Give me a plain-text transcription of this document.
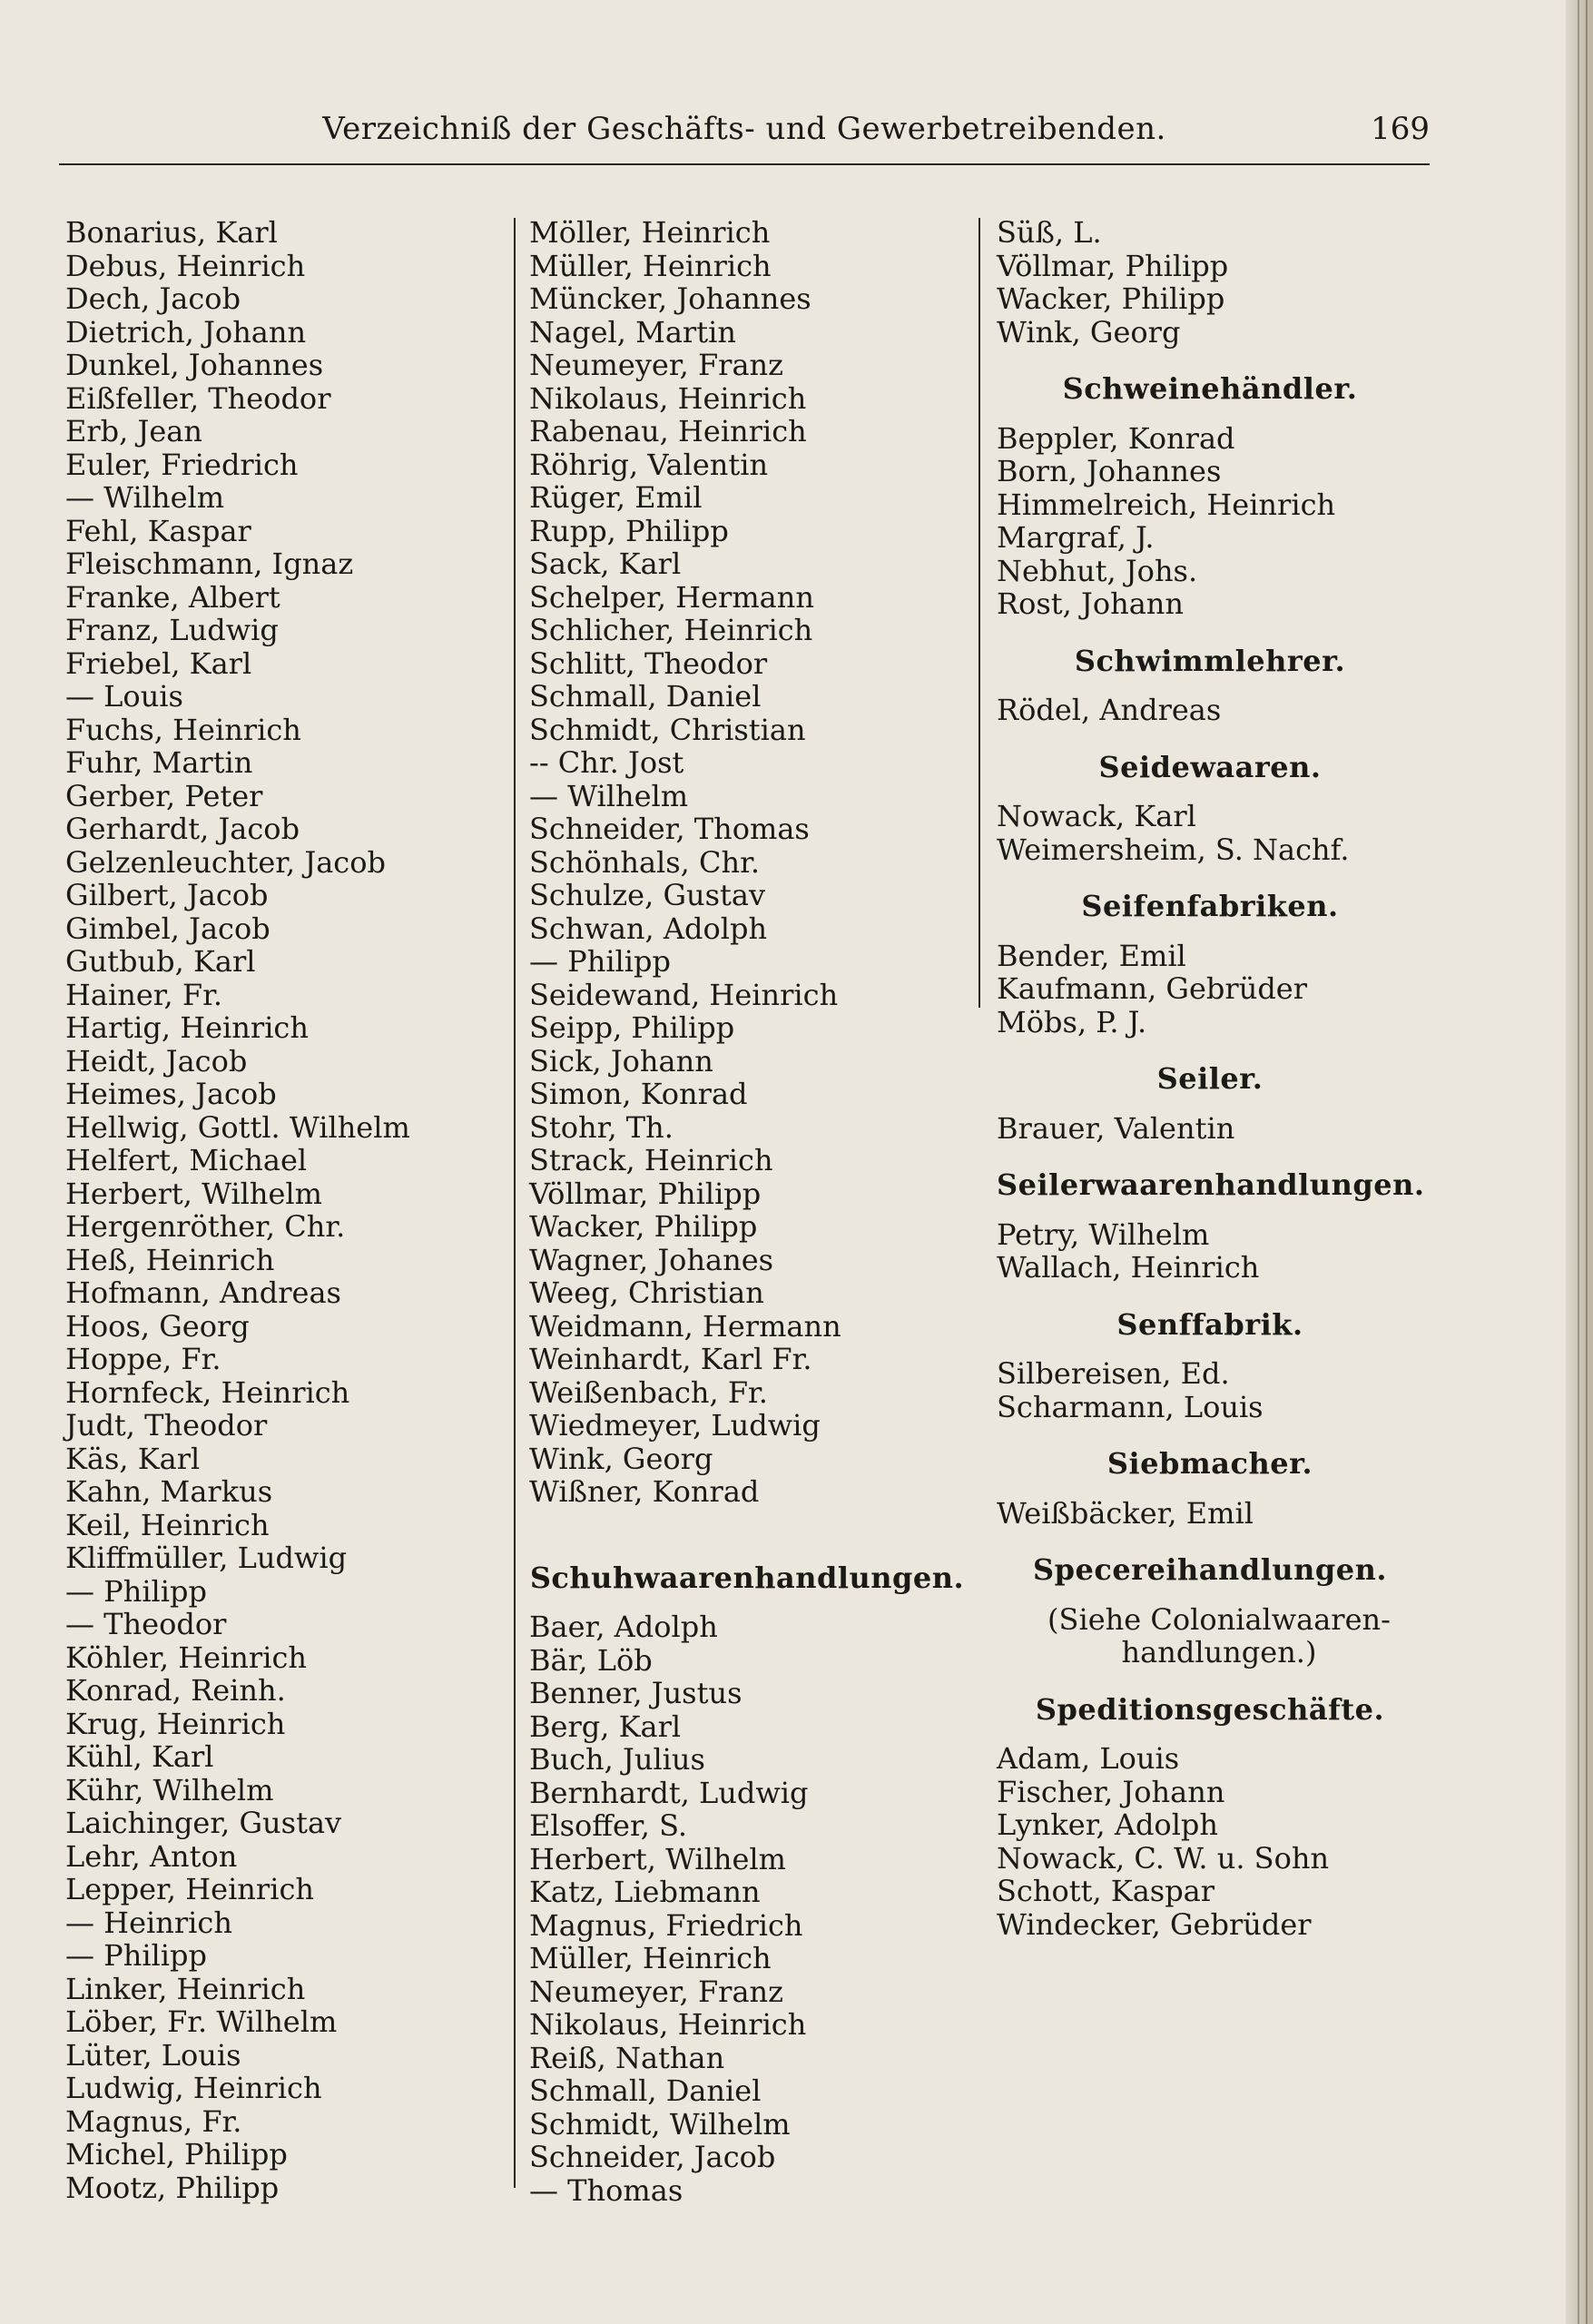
Verzeichniß der Geschäfts- und Gewerbetreibenden.	169
Bonarius, Karl
Debus, Heinrich
Dech, Jacob
Dietrich, Johann
Dunkel, Johannes
Eißfeller, Theodor
Erb, Jean
Euler, Friedrich
— Wilhelm
Fehl, Kaspar
Fleischmann, Ignaz
Franke, Albert
Franz, Ludwig
Friebel, Karl
— Louis
Fuchs, Heinrich
Fuhr, Martin
Gerber, Peter
Gerhardt, Jacob
Gelzenleuchter, Jacob
Gilbert, Jacob
Gimbel, Jacob
Gutbub, Karl
Hainer, Fr.
Hartig, Heinrich
Heidt, Jacob
Heimes, Jacob
Hellwig, Gottl. Wilhelm
Helfert, Michael
Herbert, Wilhelm
Hergenröther, Chr.
Heß, Heinrich
Hofmann, Andreas
Hoos, Georg
Hoppe, Fr.
Hornfeck, Heinrich
Judt, Theodor
Käs, Karl
Kahn, Markus
Keil, Heinrich
Kliffmüller, Ludwig
— Philipp
— Theodor
Köhler, Heinrich
Konrad, Reinh.
Krug, Heinrich
Kühl, Karl
Kühr, Wilhelm
Laichinger, Gustav
Lehr, Anton
Lepper, Heinrich
— Heinrich
— Philipp
Linker, Heinrich
Löber, Fr. Wilhelm
Lüter, Louis
Ludwig, Heinrich
Magnus, Fr.
Michel, Philipp
Mootz, Philipp
Möller, Heinrich
Müller, Heinrich
Müncker, Johannes
Nagel, Martin
Neumeyer, Franz
Nikolaus, Heinrich
Rabenau, Heinrich
Röhrig, Valentin
Rüger, Emil
Rupp, Philipp
Sack, Karl
Schelper, Hermann
Schlicher, Heinrich
Schlitt, Theodor
Schmall, Daniel
Schmidt, Christian
-- Chr. Jost
— Wilhelm
Schneider, Thomas
Schönhals, Chr.
Schulze, Gustav
Schwan, Adolph
— Philipp
Seidewand, Heinrich
Seipp, Philipp
Sick, Johann
Simon, Konrad
Stohr, Th.
Strack, Heinrich
Völlmar, Philipp
Wacker, Philipp
Wagner, Johanes
Weeg, Christian
Weidmann, Hermann
Weinhardt, Karl Fr.
Weißenbach, Fr.
Wiedmeyer, Ludwig
Wink, Georg
Wißner, Konrad
Schuhwaarenhandlungen.
Baer, Adolph
Bär, Löb
Benner, Justus
Berg, Karl
Buch, Julius
Bernhardt, Ludwig
Elsoffer, S.
Herbert, Wilhelm
Katz, Liebmann
Magnus, Friedrich
Müller, Heinrich
Neumeyer, Franz
Nikolaus, Heinrich
Reiß, Nathan
Schmall, Daniel
Schmidt, Wilhelm
Schneider, Jacob
— Thomas
Süß, L.
Völlmar, Philipp
Wacker, Philipp
Wink, Georg
Schweinehändler.
Beppler, Konrad
Born, Johannes
Himmelreich, Heinrich
Margraf, J.
Nebhut, Johs.
Rost, Johann
Schwimmlehrer.
Rödel, Andreas
Seidewaaren.
Nowack, Karl
Weimersheim, S. Nachf.
Seifenfabriken.
Bender, Emil
Kaufmann, Gebrüder
Möbs, P. J.
Seiler.
Brauer, Valentin
Seilerwaarenhandlungen.
Petry, Wilhelm
Wallach, Heinrich
Senffabrik.
Silbereisen, Ed.
Scharmann, Louis
Siebmacher.
Weißbäcker, Emil
Specereihandlungen.
(Siehe Colonialwaaren-
handlungen.)
Speditionsgeschäfte.
Adam, Louis
Fischer, Johann
Lynker, Adolph
Nowack, C. W. u. Sohn
Schott, Kaspar
Windecker, Gebrüder
